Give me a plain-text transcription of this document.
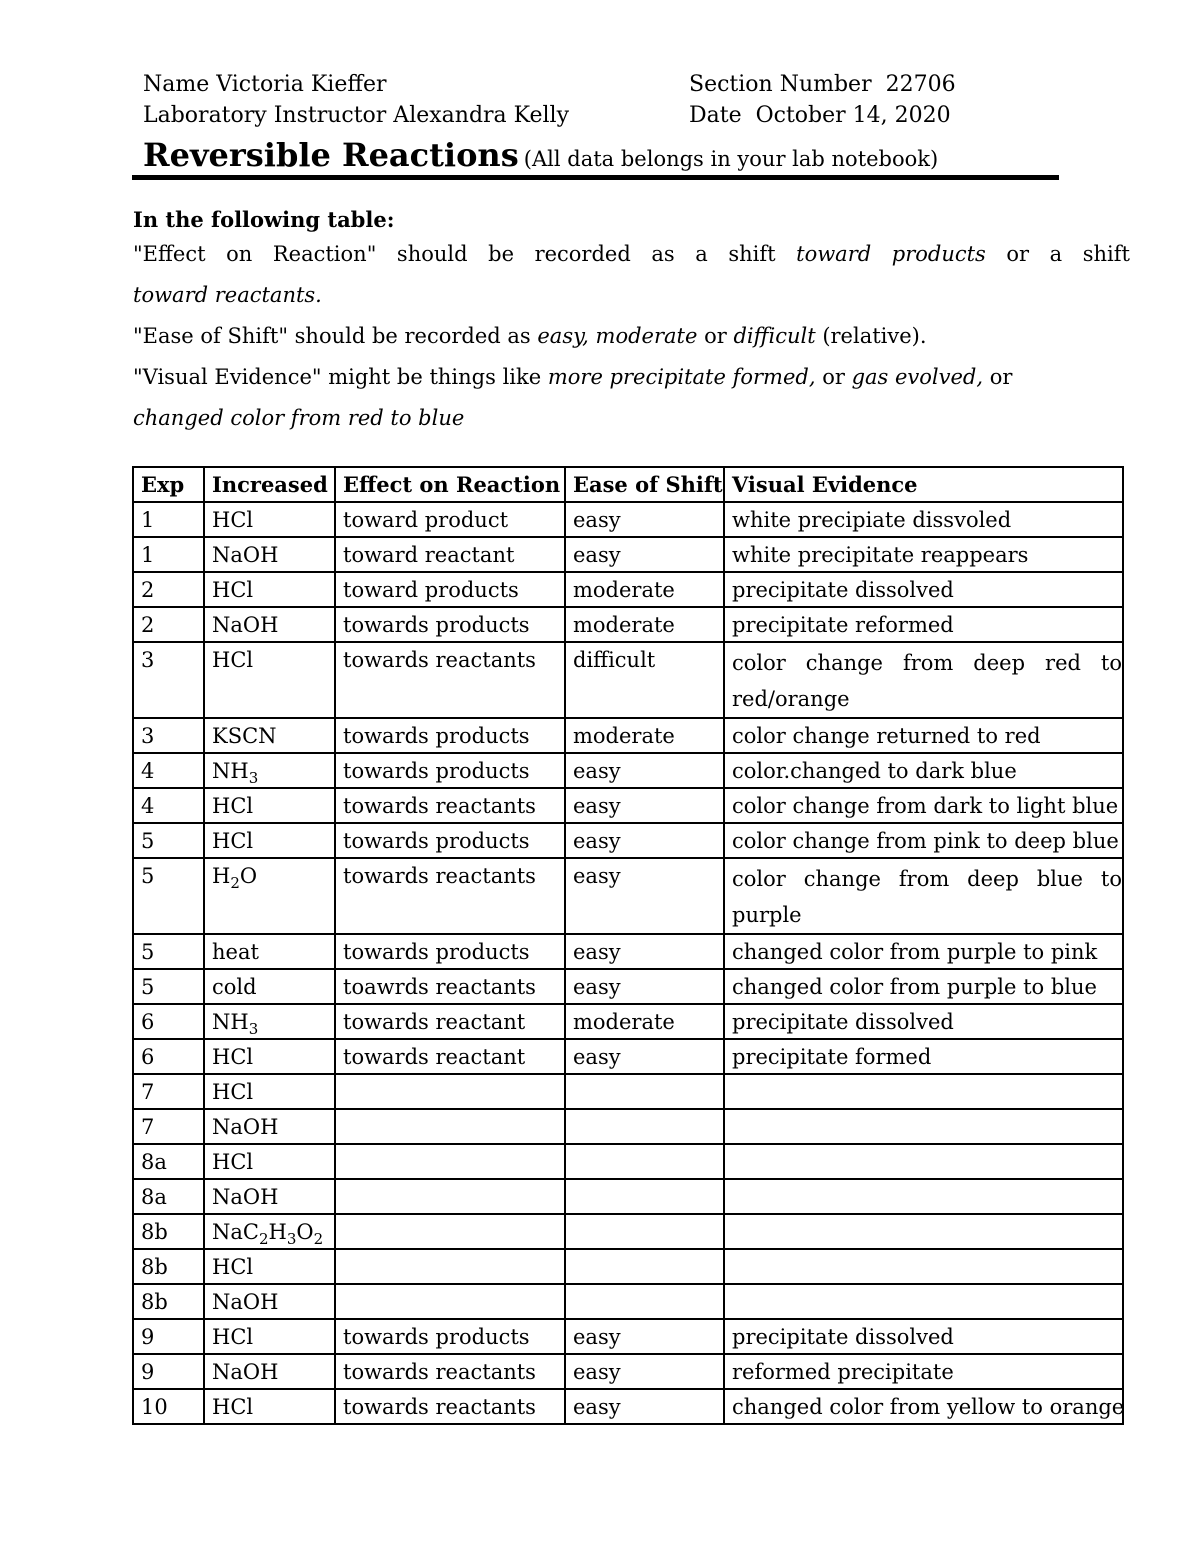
Name Victoria Kieffer
Laboratory Instructor Alexandra Kelly
Section Number  22706
Date  October 14, 2020
Reversible Reactions (All data belongs in your lab notebook)
In the following table:
"Effect on Reaction" should be recorded as a shift toward products or a shift
toward reactants.
"Ease of Shift" should be recorded as easy, moderate or difficult (relative).
"Visual Evidence" might be things like more precipitate formed, or gas evolved, or
changed color from red to blue
Exp	Increased	Effect on Reaction	Ease of Shift	Visual Evidence
1	HCl	toward product	easy	white precipiate dissvoled
1	NaOH	toward reactant	easy	white precipitate reappears
2	HCl	toward products	moderate	precipitate dissolved
2	NaOH	towards products	moderate	precipitate reformed
3	HCl	towards reactants	difficult	color change from deep red to red/orange
3	KSCN	towards products	moderate	color change returned to red
4	$NH_3$	towards products	easy	color.changed to dark blue
4	HCl	towards reactants	easy	color change from dark to light blue
5	HCl	towards products	easy	color change from pink to deep blue
5	$H_2O$	towards reactants	easy	color change from deep blue to purple
5	heat	towards products	easy	changed color from purple to pink
5	cold	toawrds reactants	easy	changed color from purple to blue
6	$NH_3$	towards reactant	moderate	precipitate dissolved
6	HCl	towards reactant	easy	precipitate formed
7	HCl			
7	NaOH			
8a	HCl			
8a	NaOH			
8b	$NaC_2H_3O_2$			
8b	HCl			
8b	NaOH			
9	HCl	towards products	easy	precipitate dissolved
9	NaOH	towards reactants	easy	reformed precipitate
10	HCl	towards reactants	easy	changed color from yellow to orange
